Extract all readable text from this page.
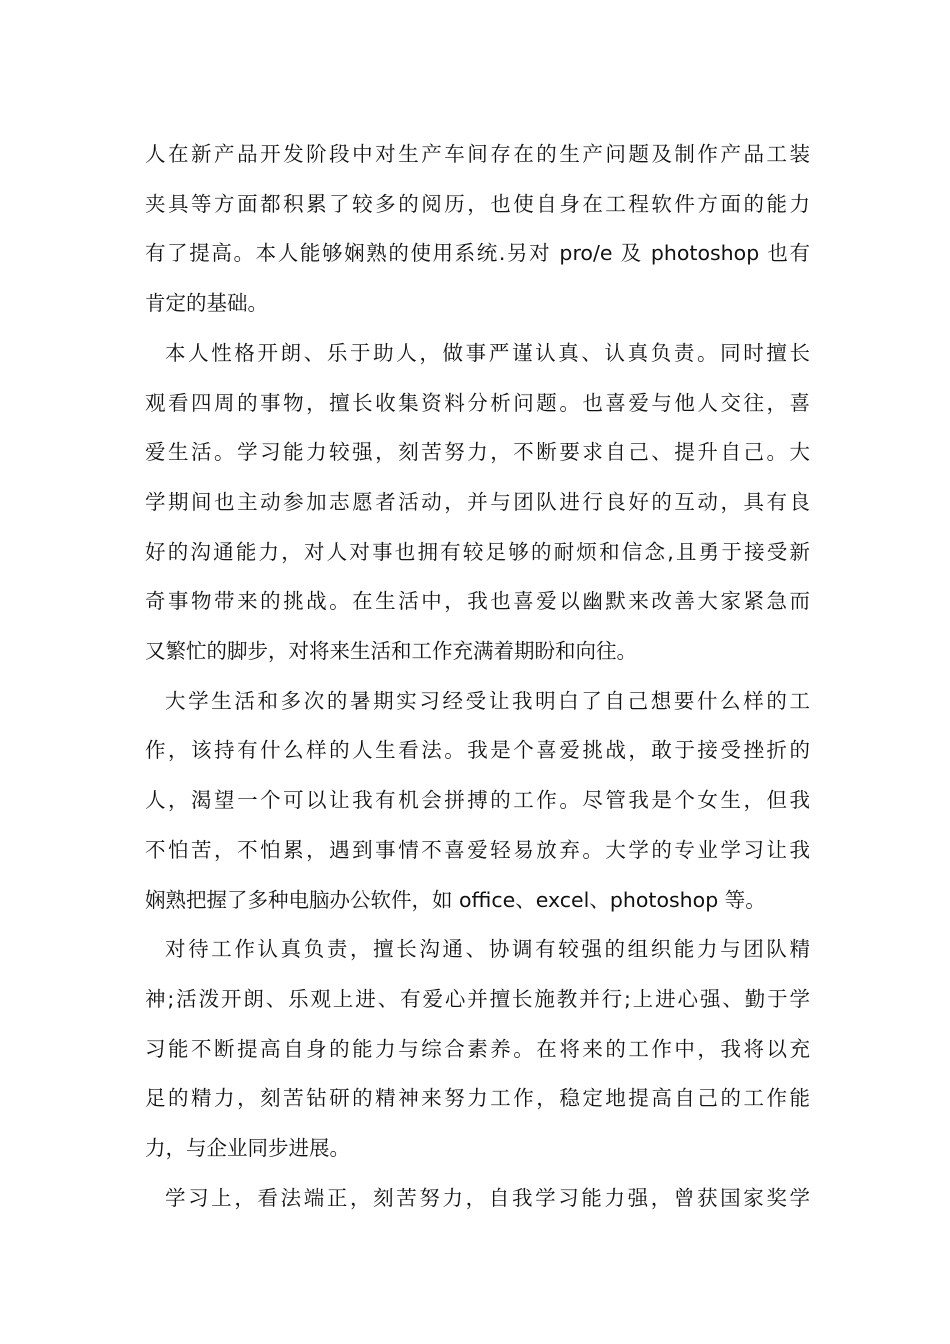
人在新产品开发阶段中对生产车间存在的生产问题及制作产品工装
夹具等方面都积累了较多的阅历，也使自身在工程软件方面的能力
有了提高。本人能够娴熟的使用系统.另对 pro/e 及 photoshop 也有
肯定的基础。
本人性格开朗、乐于助人，做事严谨认真、认真负责。同时擅长
观看四周的事物，擅长收集资料分析问题。也喜爱与他人交往，喜
爱生活。学习能力较强，刻苦努力，不断要求自己、提升自己。大
学期间也主动参加志愿者活动，并与团队进行良好的互动，具有良
好的沟通能力，对人对事也拥有较足够的耐烦和信念,且勇于接受新
奇事物带来的挑战。在生活中，我也喜爱以幽默来改善大家紧急而
又繁忙的脚步，对将来生活和工作充满着期盼和向往。
大学生活和多次的暑期实习经受让我明白了自己想要什么样的工
作，该持有什么样的人生看法。我是个喜爱挑战，敢于接受挫折的
人，渴望一个可以让我有机会拼搏的工作。尽管我是个女生，但我
不怕苦，不怕累，遇到事情不喜爱轻易放弃。大学的专业学习让我
娴熟把握了多种电脑办公软件，如 office、excel、photoshop 等。
对待工作认真负责，擅长沟通、协调有较强的组织能力与团队精
神;活泼开朗、乐观上进、有爱心并擅长施教并行;上进心强、勤于学
习能不断提高自身的能力与综合素养。在将来的工作中，我将以充
足的精力，刻苦钻研的精神来努力工作，稳定地提高自己的工作能
力，与企业同步进展。
学习上，看法端正，刻苦努力，自我学习能力强，曾获国家奖学
